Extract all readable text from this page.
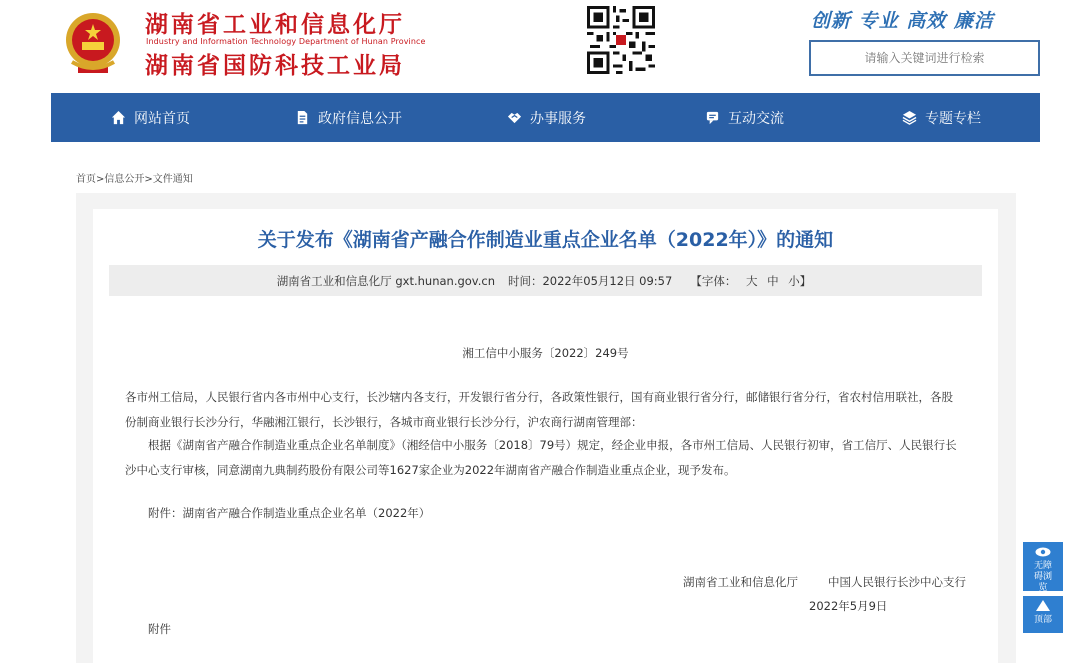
湖南省工业和信息化厅
Industry and Information Technology Department of Hunan Province
湖南省国防科技工业局
创新 专业 高效 廉洁
请输入关键词进行检索
网站首页	政府信息公开	办事服务	互动交流	专题专栏
首页>信息公开>文件通知
关于发布《湖南省产融合作制造业重点企业名单（2022年）》的通知
湖南省工业和信息化厅 gxt.hunan.gov.cn 时间：2022年05月12日 09:57 【字体： 大 中 小】
湘工信中小服务〔2022〕249号
各市州工信局，人民银行省内各市州中心支行，长沙辖内各支行，开发银行省分行，各政策性银行，国有商业银行省分行，邮储银行省分行，省农村信用联社，各股
份制商业银行长沙分行，华融湘江银行，长沙银行，各城市商业银行长沙分行，沪农商行湖南管理部：
根据《湖南省产融合作制造业重点企业名单制度》（湘经信中小服务〔2018〕79号）规定，经企业申报，各市州工信局、人民银行初审，省工信厅、人民银行长
沙中心支行审核，同意湖南九典制药股份有限公司等1627家企业为2022年湖南省产融合作制造业重点企业，现予发布。
附件：湖南省产融合作制造业重点企业名单（2022年）
湖南省工业和信息化厅	中国人民银行长沙中心支行
2022年5月9日
附件
无障碍浏览
顶部
